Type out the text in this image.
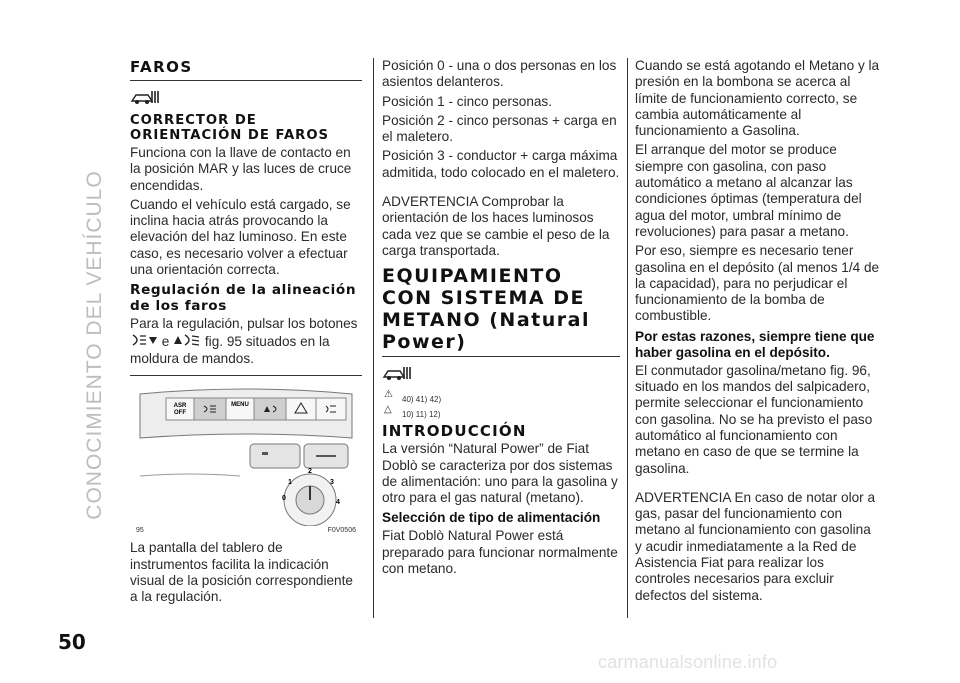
CONOCIMIENTO DEL VEHÍCULO
50
FAROS
CORRECTOR DE
ORIENTACIÓN DE FAROS

Funciona con la llave de contacto en la posición MAR y las luces de cruce encendidas.

Cuando el vehículo está cargado, se inclina hacia atrás provocando la elevación del haz luminoso. En este caso, es necesario volver a efectuar una orientación correcta.

Regulación de la alineación de los faros

Para la regulación, pulsar los botones  e	fig. 95 situados en la moldura de mandos.

ASR
OFF
MENU
0
1
2
3
4
95	F0V0506

La pantalla del tablero de instrumentos facilita la indicación visual de la posición correspondiente a la regulación.

Posición 0 - una o dos personas en los asientos delanteros.

Posición 1 - cinco personas.

Posición 2 - cinco personas + carga en el maletero.

Posición 3 - conductor + carga máxima admitida, todo colocado en el maletero.

ADVERTENCIA Comprobar la orientación de los haces luminosos cada vez que se cambie el peso de la carga transportada.

EQUIPAMIENTO
CON SISTEMA DE
METANO (Natural
Power)
⚠ 40) 41) 42)
△ 10) 11) 12)
INTRODUCCIÓN

La versión “Natural Power” de Fiat Doblò se caracteriza por dos sistemas de alimentación: uno para la gasolina y otro para el gas natural (metano).

Selección de tipo de alimentación

Fiat Doblò Natural Power está preparado para funcionar normalmente con metano.

Cuando se está agotando el Metano y la presión en la bombona se acerca al límite de funcionamiento correcto, se cambia automáticamente al funcionamiento a Gasolina.

El arranque del motor se produce siempre con gasolina, con paso automático a metano al alcanzar las condiciones óptimas (temperatura del agua del motor, umbral mínimo de revoluciones) para pasar a metano.

Por eso, siempre es necesario tener gasolina en el depósito (al menos 1/4 de la capacidad), para no perjudicar el funcionamiento de la bomba de combustible.

Por estas razones, siempre tiene que haber gasolina en el depósito.

El conmutador gasolina/metano fig. 96, situado en los mandos del salpicadero, permite seleccionar el funcionamiento con gasolina. No se ha previsto el paso automático al funcionamiento con metano en caso de que se termine la gasolina.

ADVERTENCIA En caso de notar olor a gas, pasar del funcionamiento con metano al funcionamiento con gasolina y acudir inmediatamente a la Red de Asistencia Fiat para realizar los controles necesarios para excluir defectos del sistema.

carmanualsonline.info
